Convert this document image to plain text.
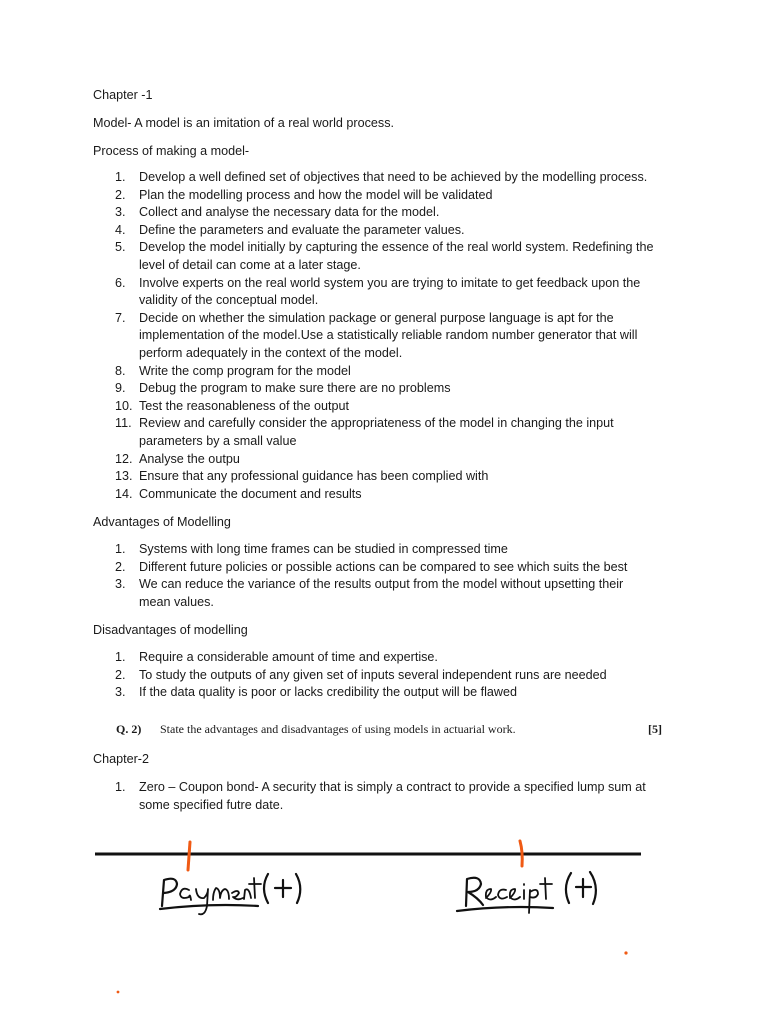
Chapter -1
Model- A model is an imitation of a real world process.
Process of making a model-
1.	Develop a well defined set of objectives that need to be achieved by the modelling process.
2.	Plan the modelling process and how the model will be validated
3.	Collect and analyse the necessary data for the model.
4.	Define the parameters and evaluate the parameter values.
5.	Develop the model initially by capturing the essence of the real world system. Redefining the
level of detail can come at a later stage.
6.	Involve experts on the real world system you are trying to imitate to get feedback upon the
validity of the conceptual model.
7.	Decide on whether the simulation package or general purpose language is apt for the
implementation of the model.Use a statistically reliable random number generator that will
perform adequately in the context of the model.
8.	Write the comp program for the model
9.	Debug the program to make sure there are no problems
10. Test the reasonableness of the output
11. Review and carefully consider the appropriateness of the model in changing the input
parameters by a small value
12. Analyse the outpu
13. Ensure that any professional guidance has been complied with
14. Communicate the document and results
Advantages of Modelling
1.	Systems with long time frames can be studied in compressed time
2.	Different future policies or possible actions can be compared to see which suits the best
3.	We can reduce the variance of the results output from the model without upsetting their
mean values.
Disadvantages of modelling
1.	Require a considerable amount of time and expertise.
2.	To study the outputs of any given set of inputs several independent runs are needed
3.	If the data quality is poor or lacks credibility the output will be flawed
Q. 2) State the advantages and disadvantages of using models in actuarial work.	[5]
Chapter-2
1.	Zero – Coupon bond- A security that is simply a contract to provide a specified lump sum at
some specified futre date.
